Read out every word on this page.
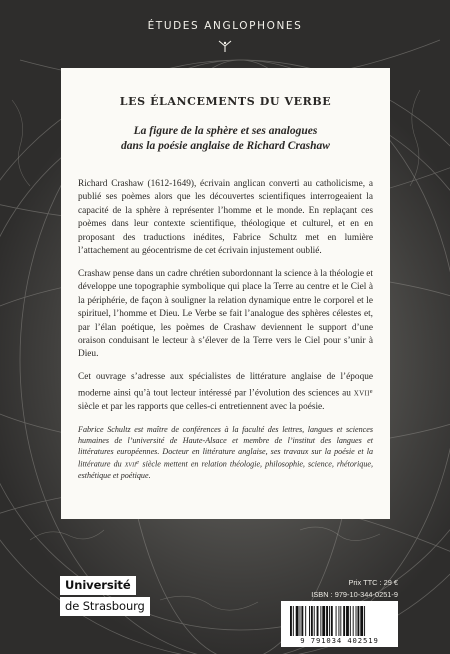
ÉTUDES ANGLOPHONES
LES ÉLANCEMENTS DU VERBE
La figure de la sphère et ses analogues
dans la poésie anglaise de Richard Crashaw

Richard Crashaw (1612-1649), écrivain anglican converti au catholicisme, a publié ses poèmes alors que les découvertes scientifiques interrogeaient la capacité de la sphère à représenter l’homme et le monde. En replaçant ces poèmes dans leur contexte scientifique, théologique et culturel, et en en proposant des traductions inédites, Fabrice Schultz met en lumière l’attachement au géocentrisme de cet écrivain injustement oublié.

Crashaw pense dans un cadre chrétien subordonnant la science à la théologie et développe une topographie symbolique qui place la Terre au centre et le Ciel à la périphérie, de façon à souligner la relation dynamique entre le corporel et le spirituel, l’homme et Dieu. Le Verbe se fait l’analogue des sphères célestes et, par l’élan poétique, les poèmes de Crashaw deviennent le support d’une oraison conduisant le lecteur à s’élever de la Terre vers le Ciel pour s’unir à Dieu.

Cet ouvrage s’adresse aux spécialistes de littérature anglaise de l’époque moderne ainsi qu’à tout lecteur intéressé par l’évolution des sciences au xvii$^e$ siècle et par les rapports que celles-ci entretiennent avec la poésie.

Fabrice Schultz est maître de conférences à la faculté des lettres, langues et sciences humaines de l’université de Haute-Alsace et membre de l’institut des langues et littératures européennes. Docteur en littérature anglaise, ses travaux sur la poésie et la littérature du xvii$^e$ siècle mettent en relation théologie, philosophie, science, rhétorique, esthétique et poétique.
Université
de Strasbourg
Prix TTC : 29 €
9 791034 402519
ISBN : 979-10-344-0251-9
